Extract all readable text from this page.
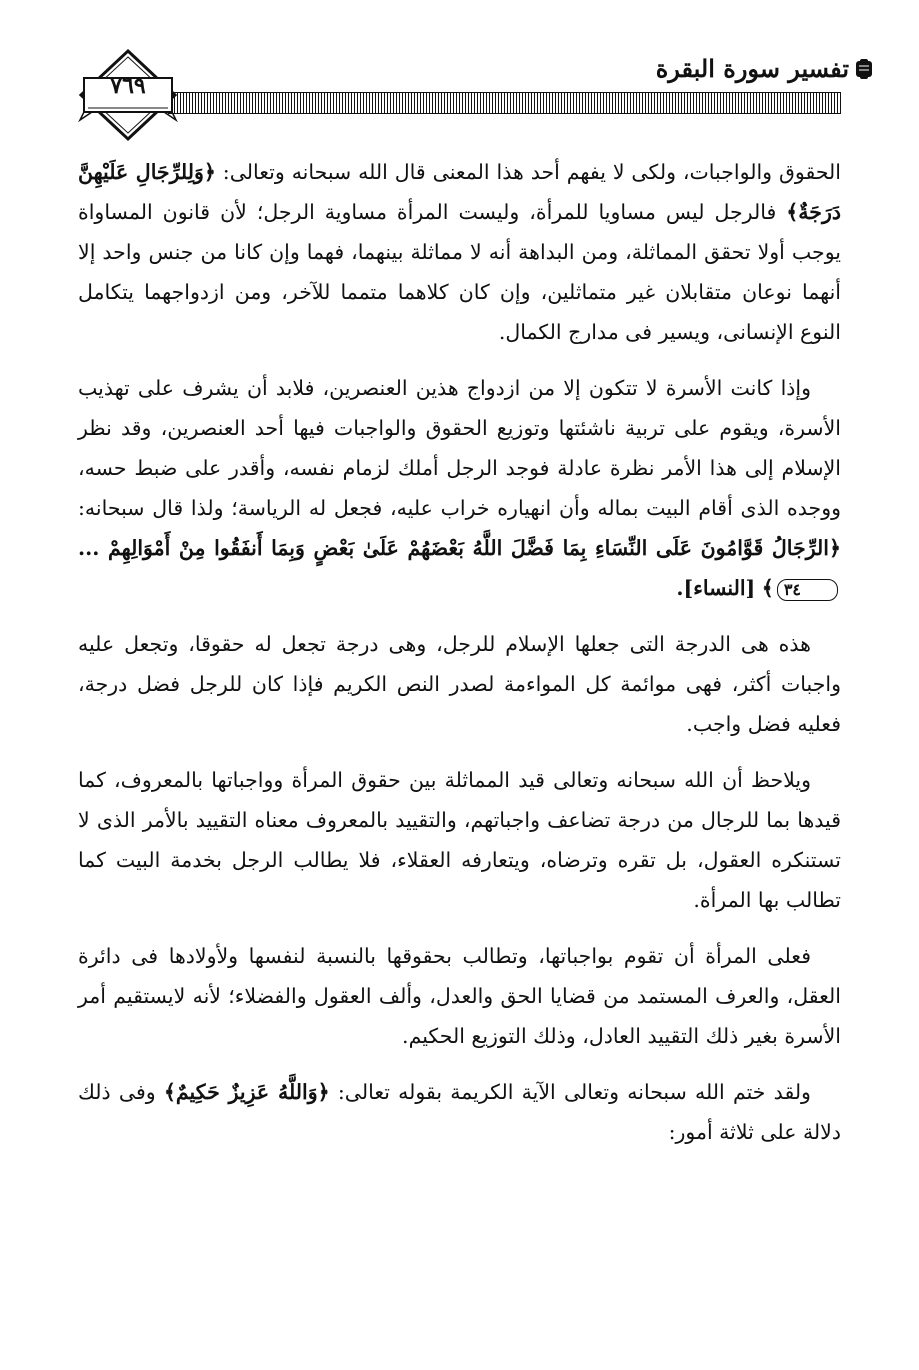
تفسير سورة البقرة
٧٦٩

الحقوق والواجبات، ولكى لا يفهم أحد هذا المعنى قال الله سبحانه وتعالى: ﴿وَلِلرِّجَالِ عَلَيْهِنَّ دَرَجَةٌ﴾ فالرجل ليس مساويا للمرأة، وليست المرأة مساوية الرجل؛ لأن قانون المساواة يوجب أولا تحقق المماثلة، ومن البداهة أنه لا مماثلة بينهما، فهما وإن كانا من جنس واحد إلا أنهما نوعان متقابلان غير متماثلين، وإن كان كلاهما متمما للآخر، ومن ازدواجهما يتكامل النوع الإنسانى، ويسير فى مدارج الكمال.

وإذا كانت الأسرة لا تتكون إلا من ازدواج هذين العنصرين، فلابد أن يشرف على تهذيب الأسرة، ويقوم على تربية ناشئتها وتوزيع الحقوق والواجبات فيها أحد العنصرين، وقد نظر الإسلام إلى هذا الأمر نظرة عادلة فوجد الرجل أملك لزمام نفسه، وأقدر على ضبط حسه، ووجده الذى أقام البيت بماله وأن انهياره خراب عليه، فجعل له الرياسة؛ ولذا قال سبحانه: ﴿الرِّجَالُ قَوَّامُونَ عَلَى النِّسَاءِ بِمَا فَضَّلَ اللَّهُ بَعْضَهُمْ عَلَىٰ بَعْضٍ وَبِمَا أَنفَقُوا مِنْ أَمْوَالِهِمْ ...٣٤﴾ [النساء].

هذه هى الدرجة التى جعلها الإسلام للرجل، وهى درجة تجعل له حقوقا، وتجعل عليه واجبات أكثر، فهى موائمة كل المواءمة لصدر النص الكريم فإذا كان للرجل فضل درجة، فعليه فضل واجب.

ويلاحظ أن الله سبحانه وتعالى قيد المماثلة بين حقوق المرأة وواجباتها بالمعروف، كما قيدها بما للرجال من درجة تضاعف واجباتهم، والتقييد بالمعروف معناه التقييد بالأمر الذى لا تستنكره العقول، بل تقره وترضاه، ويتعارفه العقلاء، فلا يطالب الرجل بخدمة البيت كما تطالب بها المرأة.

فعلى المرأة أن تقوم بواجباتها، وتطالب بحقوقها بالنسبة لنفسها ولأولادها فى دائرة العقل، والعرف المستمد من قضايا الحق والعدل، وألف العقول والفضلاء؛ لأنه لايستقيم أمر الأسرة بغير ذلك التقييد العادل، وذلك التوزيع الحكيم.

ولقد ختم الله سبحانه وتعالى الآية الكريمة بقوله تعالى: ﴿وَاللَّهُ عَزِيزٌ حَكِيمٌ﴾ وفى ذلك دلالة على ثلاثة أمور:
